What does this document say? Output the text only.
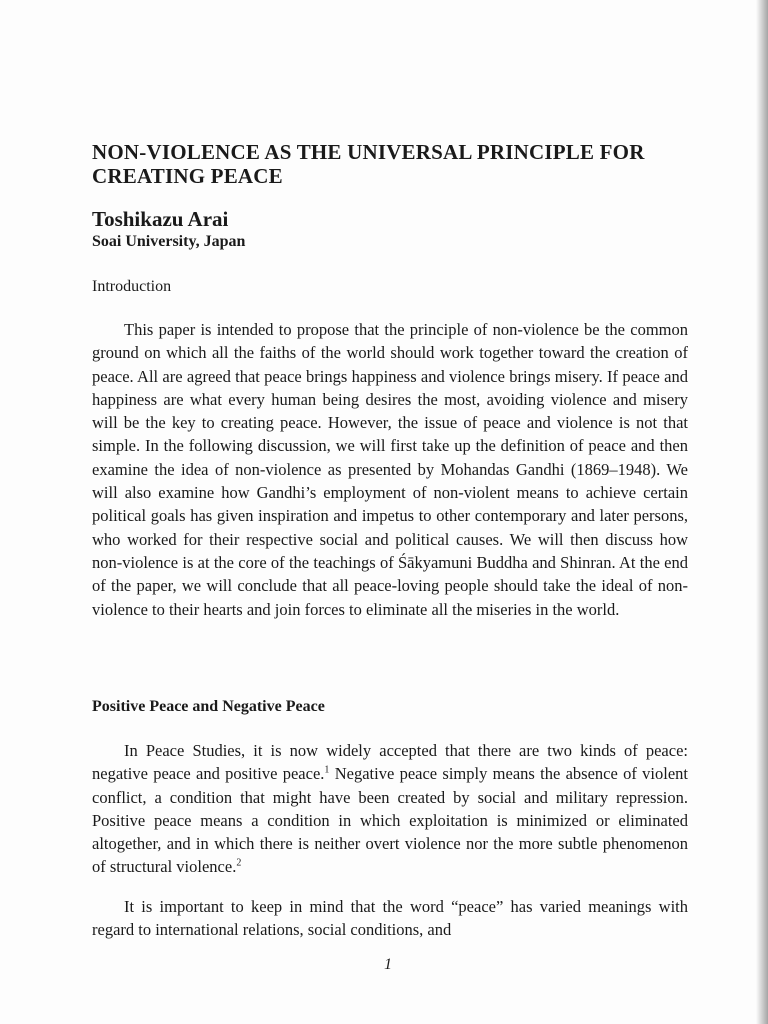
NON-VIOLENCE AS THE UNIVERSAL PRINCIPLE FOR CREATING PEACE

Toshikazu Arai

Soai University, Japan

Introduction

This paper is intended to propose that the principle of non-violence be the common ground on which all the faiths of the world should work together toward the creation of peace. All are agreed that peace brings happiness and violence brings misery. If peace and happiness are what every human being desires the most, avoiding violence and misery will be the key to creating peace. However, the issue of peace and violence is not that simple. In the following discussion, we will first take up the definition of peace and then examine the idea of non-violence as presented by Mohandas Gandhi (1869–1948). We will also examine how Gandhi’s employment of non-violent means to achieve certain political goals has given inspiration and impetus to other contemporary and later persons, who worked for their respective social and political causes. We will then discuss how non-violence is at the core of the teachings of Śākyamuni Buddha and Shinran. At the end of the paper, we will conclude that all peace-loving people should take the ideal of non-violence to their hearts and join forces to eliminate all the miseries in the world.

Positive Peace and Negative Peace

In Peace Studies, it is now widely accepted that there are two kinds of peace: negative peace and positive peace.$^1$ Negative peace simply means the absence of violent conflict, a condition that might have been created by social and military repression. Positive peace means a condition in which exploitation is minimized or eliminated altogether, and in which there is neither overt violence nor the more subtle phenomenon of structural violence.$^2$

It is important to keep in mind that the word “peace” has varied meanings with regard to international relations, social conditions, and

1
